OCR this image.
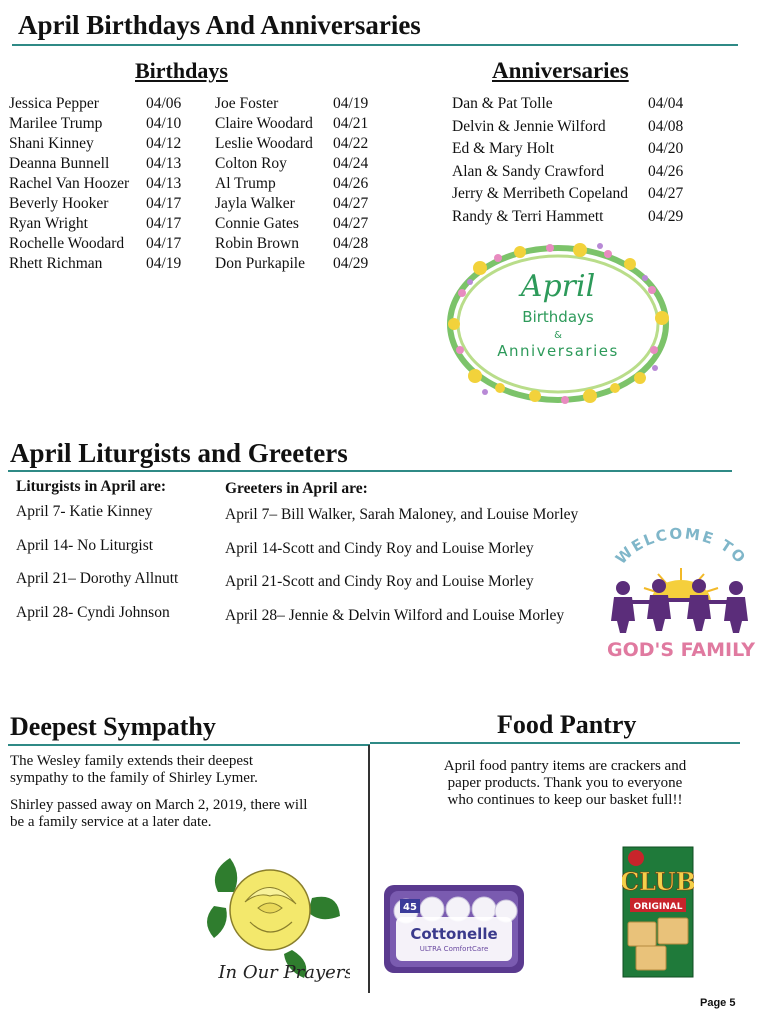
April Birthdays And Anniversaries
Birthdays
Jessica Pepper	04/06
Marilee Trump	04/10
Shani Kinney	04/12
Deanna Bunnell 04/13
Rachel Van Hoozer 04/13
Beverly Hooker 04/17
Ryan Wright	04/17
Rochelle Woodard 04/17
Rhett Richman	04/19
Joe Foster	04/19
Claire Woodard 04/21
Leslie Woodard 04/22
Colton Roy	04/24
Al Trump	04/26
Jayla Walker 04/27
Connie Gates 04/27
Robin Brown 04/28
Don Purkapile 04/29
Anniversaries
Dan & Pat Tolle	04/04
Delvin & Jennie Wilford	04/08
Ed & Mary Holt	04/20
Alan & Sandy Crawford	04/26
Jerry & Merribeth Copeland 04/27
Randy & Terri Hammett	04/29
April
Birthdays
&
Anniversaries
April Liturgists and Greeters
Liturgists in April are:	Greeters in April are:
April 7- Katie Kinney
April 14- No Liturgist
April 21– Dorothy Allnutt
April 28- Cyndi Johnson
April 7– Bill Walker, Sarah Maloney, and Louise Morley
April 14-Scott and Cindy Roy and Louise Morley
April 21-Scott and Cindy Roy and Louise Morley
April 28– Jennie & Delvin Wilford and Louise Morley
WELCOME TO
GOD'S FAMILY
Deepest Sympathy
The Wesley family extends their deepest sympathy to the family of Shirley Lymer.
Shirley passed away on March 2, 2019, there will be a family service at a later date.
In Our Prayers
Food Pantry
April food pantry items are crackers and paper products. Thank you to everyone who continues to keep our basket full!!
45
Cottonelle
ULTRA ComfortCare
CLUB
ORIGINAL
Page 5
